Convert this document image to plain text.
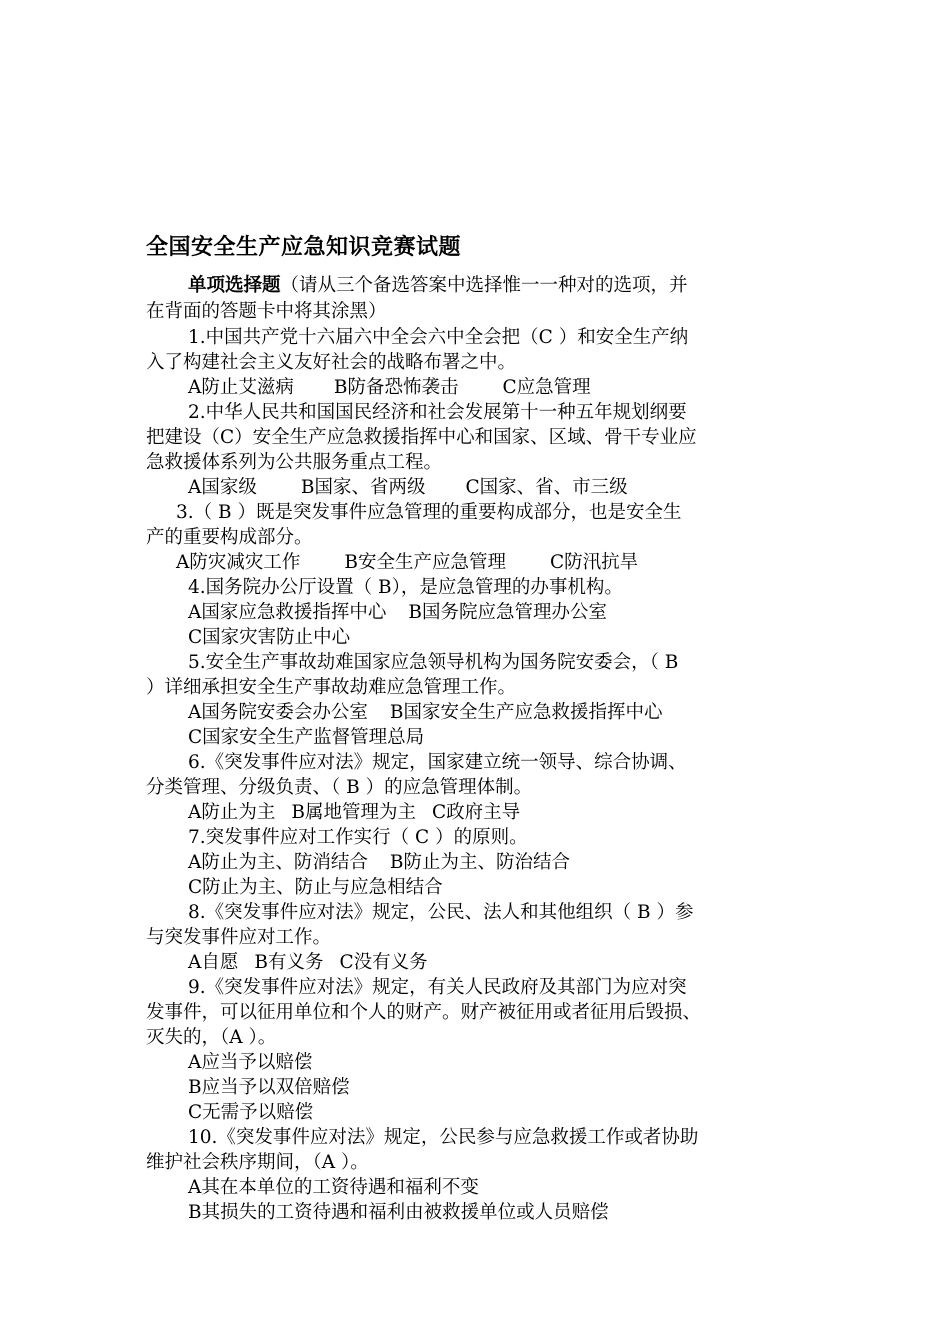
全国安全生产应急知识竞赛试题
单项选择题（请从三个备选答案中选择惟一一种对的选项，并
在背面的答题卡中将其涂黑）
1.中国共产党十六届六中全会六中全会把（C ）和安全生产纳
入了构建社会主义友好社会的战略布署之中。
A防止艾滋病 B防备恐怖袭击 C应急管理
2.中华人民共和国国民经济和社会发展第十一种五年规划纲要
把建设（C）安全生产应急救援指挥中心和国家、区域、骨干专业应
急救援体系列为公共服务重点工程。
A国家级 B国家、省两级 C国家、省、市三级
3.（ B ）既是突发事件应急管理的重要构成部分，也是安全生
产的重要构成部分。
A防灾减灾工作 B安全生产应急管理 C防汛抗旱
4.国务院办公厅设置（ B），是应急管理的办事机构。
A国家应急救援指挥中心 B国务院应急管理办公室
C国家灾害防止中心
5.安全生产事故劫难国家应急领导机构为国务院安委会，（ B
）详细承担安全生产事故劫难应急管理工作。
A国务院安委会办公室 B国家安全生产应急救援指挥中心
C国家安全生产监督管理总局
6.《突发事件应对法》规定，国家建立统一领导、综合协调、
分类管理、分级负责、（ B ）的应急管理体制。
A防止为主 B属地管理为主 C政府主导
7.突发事件应对工作实行（ C ）的原则。
A防止为主、防消结合 B防止为主、防治结合
C防止为主、防止与应急相结合
8.《突发事件应对法》规定，公民、法人和其他组织（ B ）参
与突发事件应对工作。
A自愿 B有义务 C没有义务
9.《突发事件应对法》规定，有关人民政府及其部门为应对突
发事件，可以征用单位和个人的财产。财产被征用或者征用后毁损、
灭失的，（A ）。
A应当予以赔偿
B应当予以双倍赔偿
C无需予以赔偿
10.《突发事件应对法》规定，公民参与应急救援工作或者协助
维护社会秩序期间，（A ）。
A其在本单位的工资待遇和福利不变
B其损失的工资待遇和福利由被救援单位或人员赔偿
